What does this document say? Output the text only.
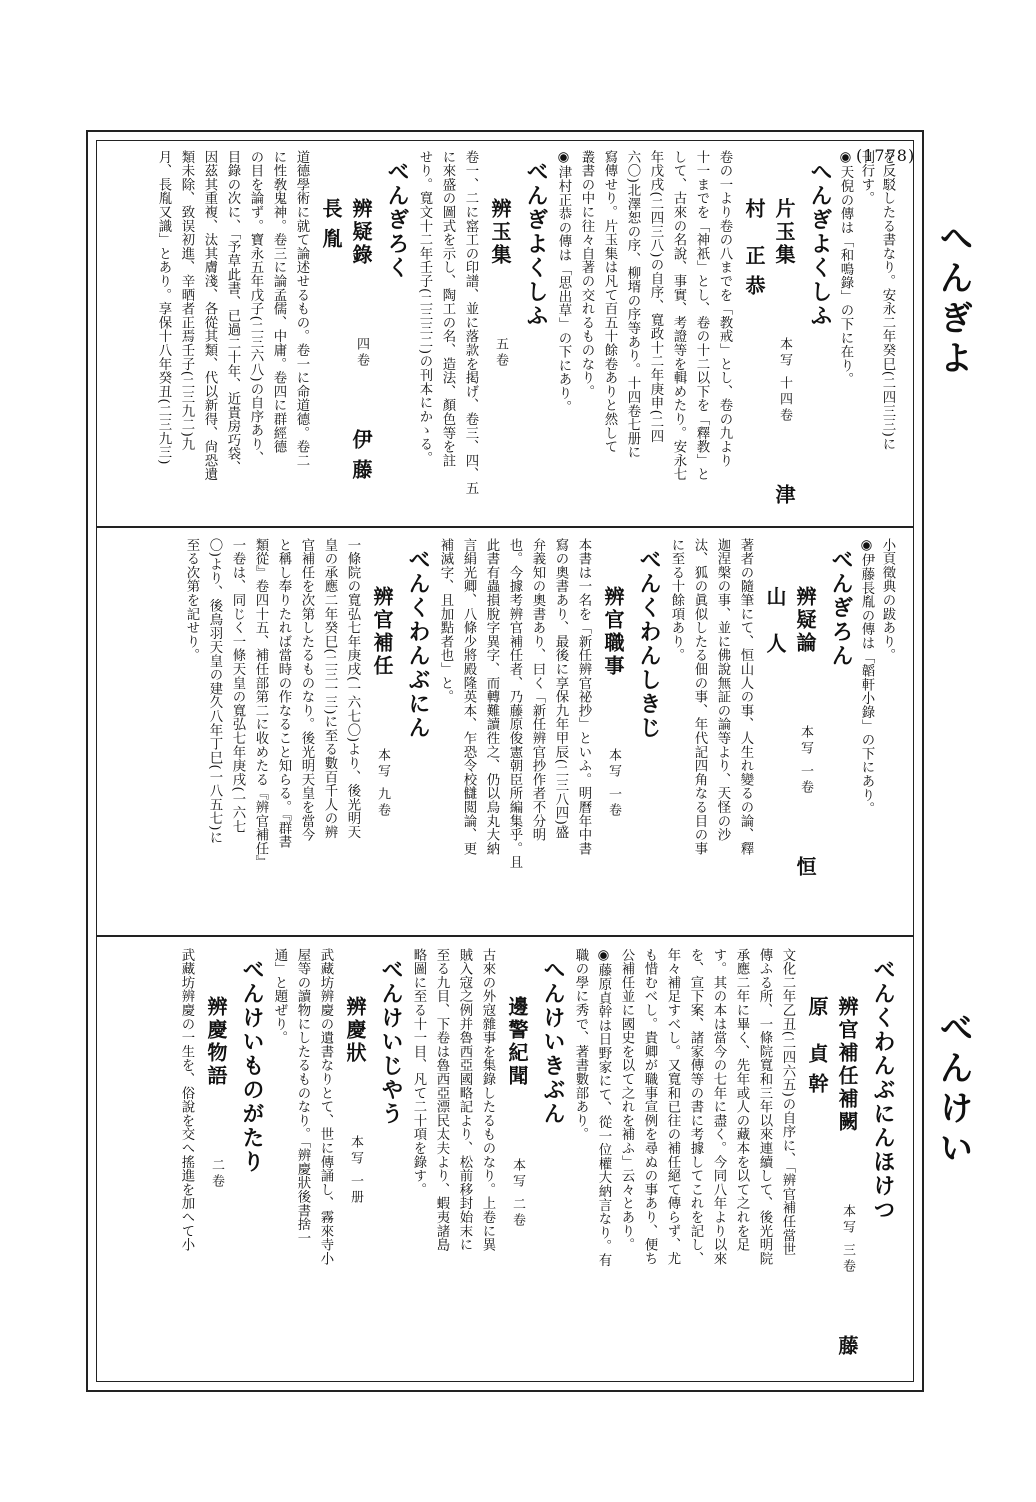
(1778)
へんぎよ
べんけい
を反駁したる書なり。安永二年癸巳(二四三三)に
刊行す。
◉天倪の傳は「和鳴錄」の下に在り。
へんぎよくしふ
片玉集本写 十四卷津村 正恭
卷の一より卷の八までを「教戒」とし、卷の九より
十一までを「神祇」とし、卷の十二以下を「釋教」と
して、古來の名說、事實、考證等を輯めたり。安永七
年戊戌(二四三八)の自序、寬政十二年庚申(二四
六〇)北澤恕の序、柳壻の序等あり。十四卷七册に
寫傳せり。片玉集は凡て百五十餘卷ありと然して
叢書の中に往々自著の交れるものなり。
◉津村正恭の傳は「思出草」の下にあり。
べんぎよくしふ
辨玉集五卷
卷一、二に窰工の印譜、並に落款を掲げ、卷三、四、五
に來盛の圖式を示し、陶工の名、造法、顏色等を註
せり。寬文十二年壬子(二三三二)の刊本にかゝる。
べんぎろく
辨疑錄四卷伊藤 長胤
道德學術に就て論述せるもの。卷一に命道德。卷二
に性敎鬼神。卷三に論孟儒、中庸。卷四に群經德
の目を論ず。寶永五年戊子(二三六八)の自序あり、
目錄の次に、「予草此書、已過二十年、近貴房巧袋、
因茲其重複、汰其膚淺、各從其類、代以新得、尙恐遺
類未除、致误初進、辛晒者正焉壬子(二三九二)九
月、長胤又識」とあり。享保十八年癸丑(二三九三)
小頁徵典の跋あり。
◉伊藤長胤の傳は「韜軒小錄」の下にあり。
べんぎろん
辨疑論本写 一卷恒 山 人
著者の隨筆にて、恒山人の事、人生れ變るの論、釋
迦涅槃の事、並に佛說無証の論等より、天怪の沙
汰、狐の眞似したる佃の事、年代記四角なる目の事
に至る十餘項あり。
べんくわんしきじ
辨官職事本写 一卷
本書は一名を「新任辨官祕抄」といふ。明曆年中書
寫の奧書あり、最後に享保九年甲辰(二三八四)盛
弁義知の奧書あり、曰く「新任辨官抄作者不分明
也。今據考辨官補任者、乃藤原俊憲朝臣所編集乎。且
此書有蟲損脫字異字、而轉難讀徃之、仍以烏丸大納
言絹光卿、八條少將殿隆英本、乍恐令校讎閲論、更
補滅字、且加點者也」と。
べんくわんぶにん
辨官補任本写 九卷
一條院の寬弘七年庚戌(一六七〇)より、後光明天
皇の承應二年癸巳(二三一三)に至る數百千人の辨
官補任を次第したるものなり。後光明天皇を當今
と稱し奉りたれば當時の作なること知らる。『群書
類從』卷四十五、補任部第二に收めたる『辨官補任』
一卷は、同じく一條天皇の寬弘七年庚戌(一六七
〇)より、後鳥羽天皇の建久八年丁巳(一八五七)に
至る次第を記せり。
べんくわんぶにんほけつ
辨官補任補闕本写 三卷藤原 貞幹
文化二年乙丑(二四六五)の自序に、「辨官補任當世
傳ふる所、一條院寬和三年以來連續して、後光明院
承應二年に畢く、先年或人の藏本を以て之れを足
す。其の本は當今の七年に盡く。今同八年より以來
を、宣下案、諸家傳等の書に考據してこれを記し、
年々補足すべし。又寬和已往の補任絕て傳らず、尤
も惜むべし。貴卿が職事宣例を尋ぬの事あり、便ち
公補任並に國史を以て之れを補ふ」云々とあり。
◉藤原貞幹は日野家にて、從一位權大納言なり。有
職の學に秀で、著書數部あり。
へんけいきぶん
邊警紀聞本写 二卷
古來の外寇雜事を集錄したるものなり。上卷に異
賊入寇之例并魯西亞國略記より、松前移封始末に
至る九目、下卷は魯西亞漂民太夫より、蝦夷諸島
略圖に至る十一目、凡て二十項を錄す。
べんけいじやう
辨慶狀本写 一册
武藏坊辨慶の遺書なりとて、世に傳誦し、霧來寺小
屋等の讀物にしたるものなり。「辨慶狀後書捨一
通」と題ぜり。
べんけいものがたり
辨慶物語二卷
武藏坊辨慶の一生を、俗說を交へ搖進を加へて小
